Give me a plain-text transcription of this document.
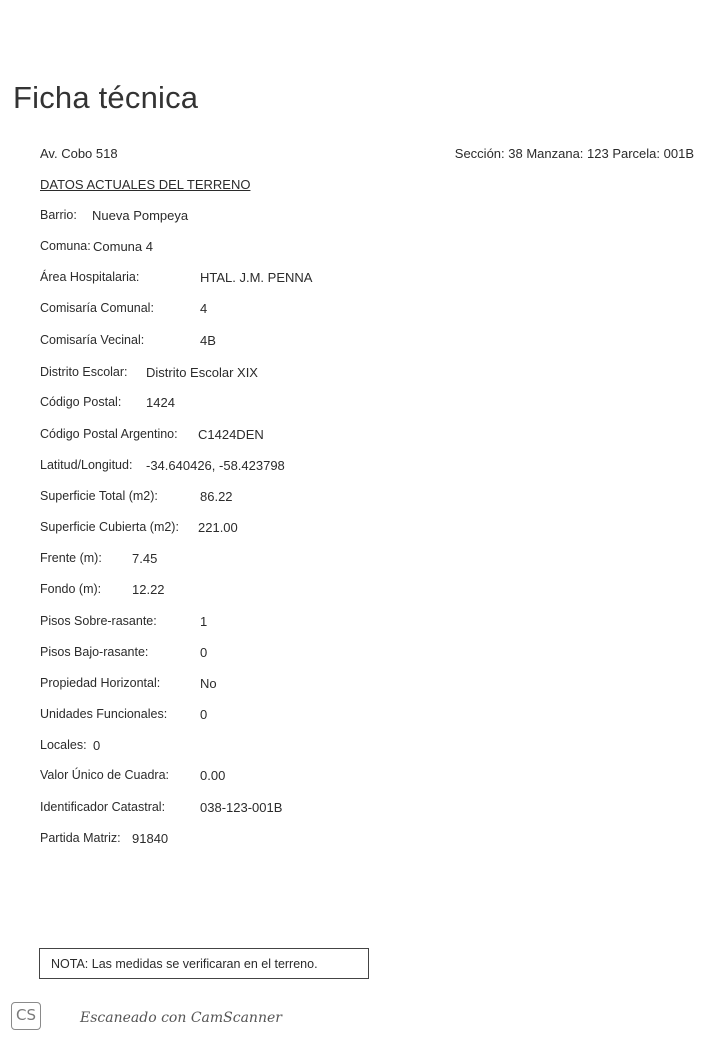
Ficha técnica
Av. Cobo 518	Sección: 38 Manzana: 123 Parcela: 001B
DATOS ACTUALES DEL TERRENO
Barrio: Nueva Pompeya
Comuna: Comuna 4
Área Hospitalaria:	HTAL. J.M. PENNA
Comisaría Comunal:	4
Comisaría Vecinal:	4B
Distrito Escolar: Distrito Escolar XIX
Código Postal: 1424
Código Postal Argentino: C1424DEN
Latitud/Longitud: -34.640426, -58.423798
Superficie Total (m2):	86.22
Superficie Cubierta (m2): 221.00
Frente (m): 7.45
Fondo (m): 12.22
Pisos Sobre-rasante:	1
Pisos Bajo-rasante:	0
Propiedad Horizontal:	No
Unidades Funcionales:	0
Locales: 0
Valor Único de Cuadra: 0.00
Identificador Catastral:	038-123-001B
Partida Matriz: 91840
NOTA: Las medidas se verificaran en el terreno.
CS	Escaneado con CamScanner
